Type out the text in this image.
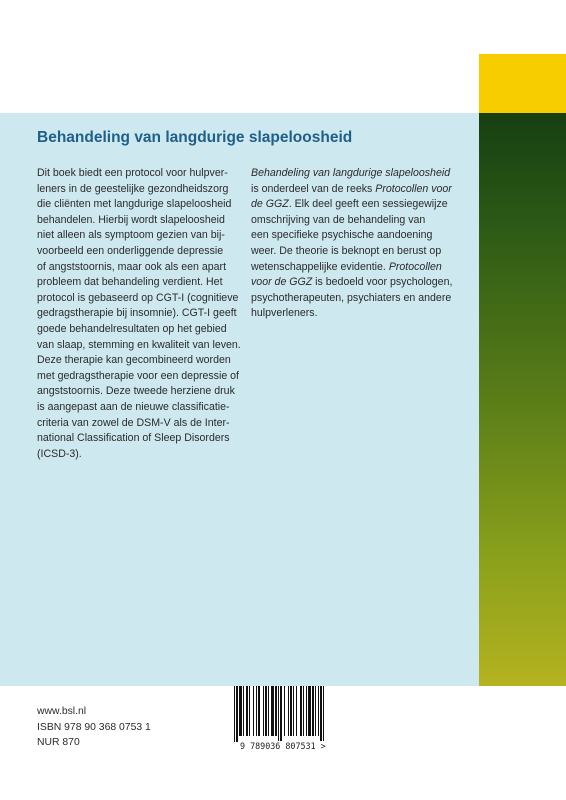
Behandeling van langdurige slapeloosheid
Dit boek biedt een protocol voor hulpver-
leners in de geestelijke gezondheidszorg
die cliënten met langdurige slapeloosheid
behandelen. Hierbij wordt slapeloosheid
niet alleen als symptoom gezien van bij-
voorbeeld een onderliggende depressie
of angststoornis, maar ook als een apart
probleem dat behandeling verdient. Het
protocol is gebaseerd op CGT-I (cognitieve
gedragstherapie bij insomnie). CGT-I geeft
goede behandelresultaten op het gebied
van slaap, stemming en kwaliteit van leven.
Deze therapie kan gecombineerd worden
met gedragstherapie voor een depressie of
angststoornis. Deze tweede herziene druk
is aangepast aan de nieuwe classificatie-
criteria van zowel de DSM-V als de Inter-
national Classification of Sleep Disorders
(ICSD-3).
Behandeling van langdurige slapeloosheid
is onderdeel van de reeks Protocollen voor
de GGZ. Elk deel geeft een sessiegewijze
omschrijving van de behandeling van
een specifieke psychische aandoening
weer. De theorie is beknopt en berust op
wetenschappelijke evidentie. Protocollen
voor de GGZ is bedoeld voor psychologen,
psychotherapeuten, psychiaters en andere
hulpverleners.
www.bsl.nl
ISBN 978 90 368 0753 1
NUR 870	9 789036 807531 >
